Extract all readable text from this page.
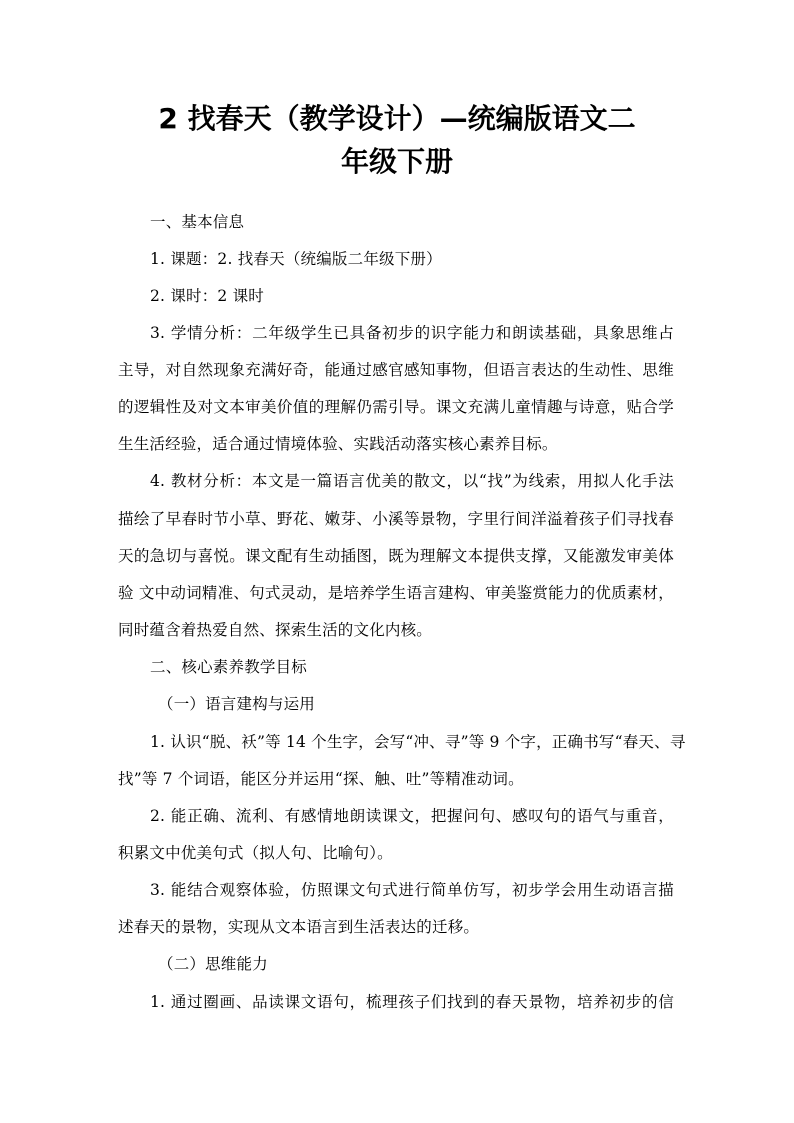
2 找春天（教学设计）—统编版语文二
年级下册
一、基本信息
1. 课题：2. 找春天（统编版二年级下册）
2. 课时：2 课时
3. 学情分析：二年级学生已具备初步的识字能力和朗读基础，具象思维占
主导，对自然现象充满好奇，能通过感官感知事物，但语言表达的生动性、思维
的逻辑性及对文本审美价值的理解仍需引导。课文充满儿童情趣与诗意，贴合学
生生活经验，适合通过情境体验、实践活动落实核心素养目标。
4. 教材分析：本文是一篇语言优美的散文，以“找”为线索，用拟人化手法
描绘了早春时节小草、野花、嫩芽、小溪等景物，字里行间洋溢着孩子们寻找春
天的急切与喜悦。课文配有生动插图，既为理解文本提供支撑，又能激发审美体
验 文中动词精准、句式灵动，是培养学生语言建构、审美鉴赏能力的优质素材，
同时蕴含着热爱自然、探索生活的文化内核。
二、核心素养教学目标
（一）语言建构与运用
1. 认识“脱、袄”等 14 个生字，会写“冲、寻”等 9 个字，正确书写“春天、寻
找”等 7 个词语，能区分并运用“探、触、吐”等精准动词。
2. 能正确、流利、有感情地朗读课文，把握问句、感叹句的语气与重音，
积累文中优美句式（拟人句、比喻句）。
3. 能结合观察体验，仿照课文句式进行简单仿写，初步学会用生动语言描
述春天的景物，实现从文本语言到生活表达的迁移。
（二）思维能力
1. 通过圈画、品读课文语句，梳理孩子们找到的春天景物，培养初步的信
